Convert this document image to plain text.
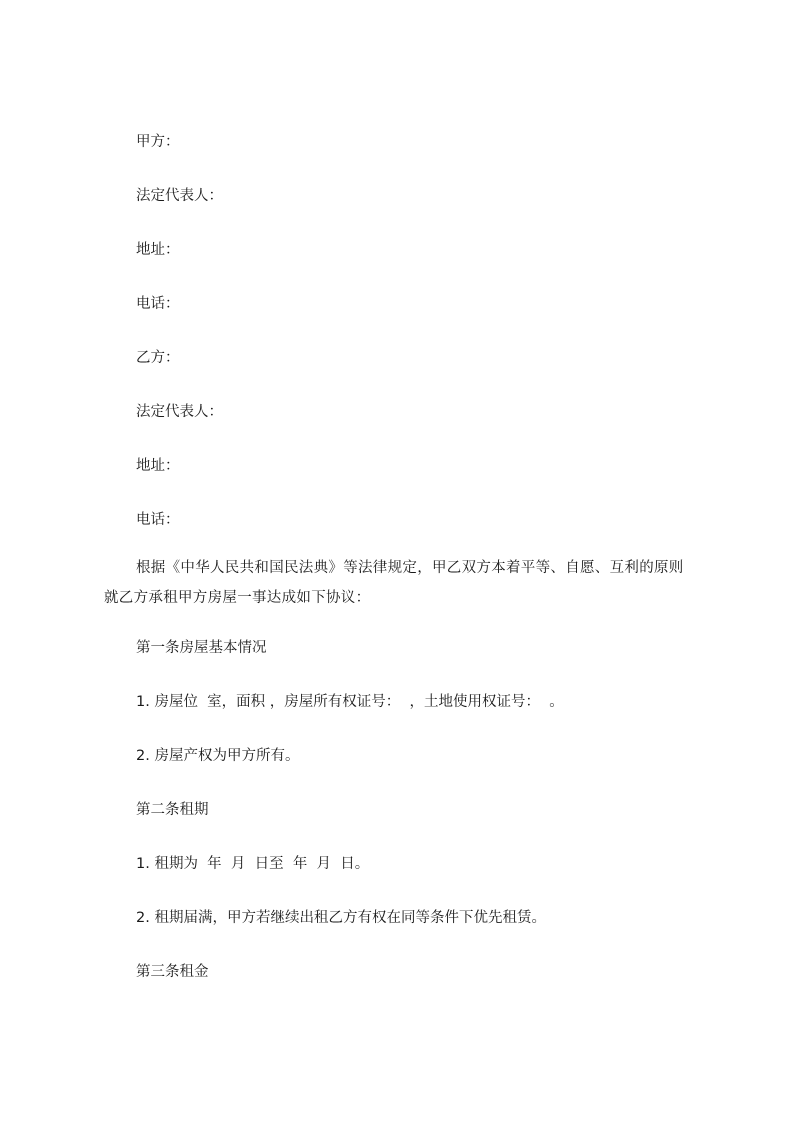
甲方：
法定代表人：
地址：
电话：
乙方：
法定代表人：
地址：
电话：
根据《中华人民共和国民法典》等法律规定，甲乙双方本着平等、自愿、互利的原则就乙方承租甲方房屋一事达成如下协议：
第一条房屋基本情况
1. 房屋位  室，面积 ，房屋所有权证号：  ，土地使用权证号：  。
2. 房屋产权为甲方所有。
第二条租期
1. 租期为  年  月  日至  年  月  日。
2. 租期届满，甲方若继续出租乙方有权在同等条件下优先租赁。
第三条租金
